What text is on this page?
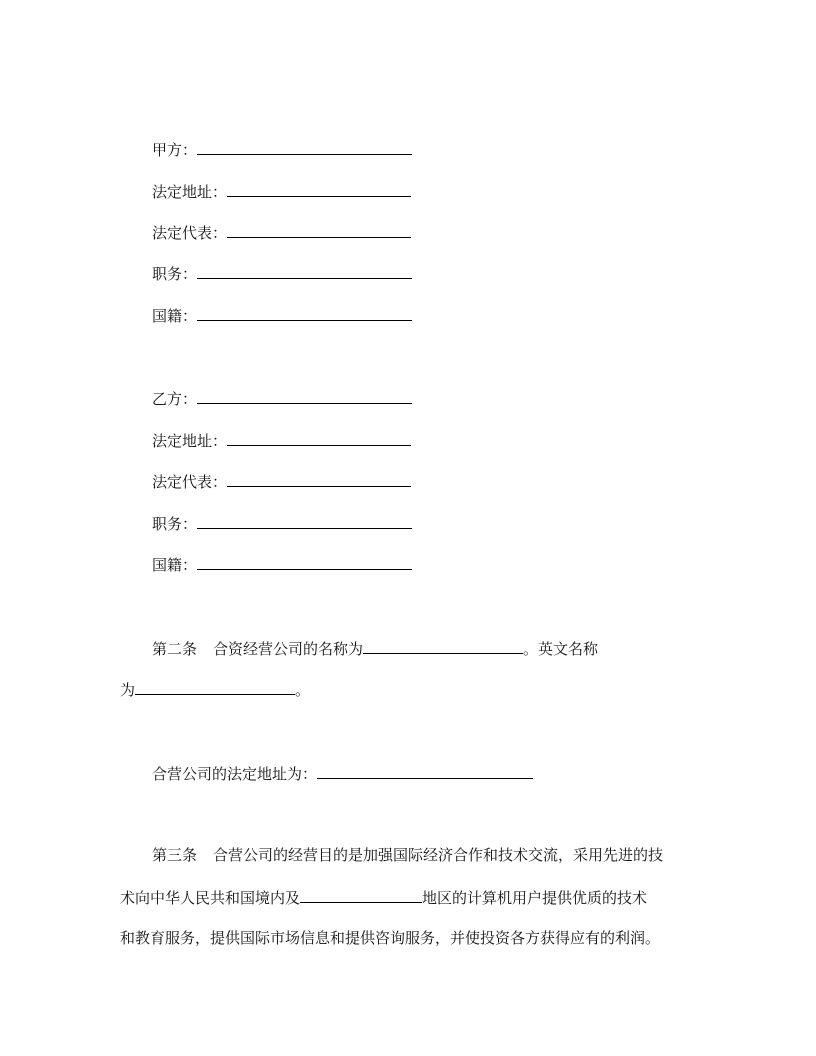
甲方：
法定地址：
法定代表：
职务：
国籍：
乙方：
法定地址：
法定代表：
职务：
国籍：
第二条 合资经营公司的名称为	。英文名称
为	。
合营公司的法定地址为：
第三条 合营公司的经营目的是加强国际经济合作和技术交流，采用先进的技
术向中华人民共和国境内及	地区的计算机用户提供优质的技术
和教育服务，提供国际市场信息和提供咨询服务，并使投资各方获得应有的利润。
